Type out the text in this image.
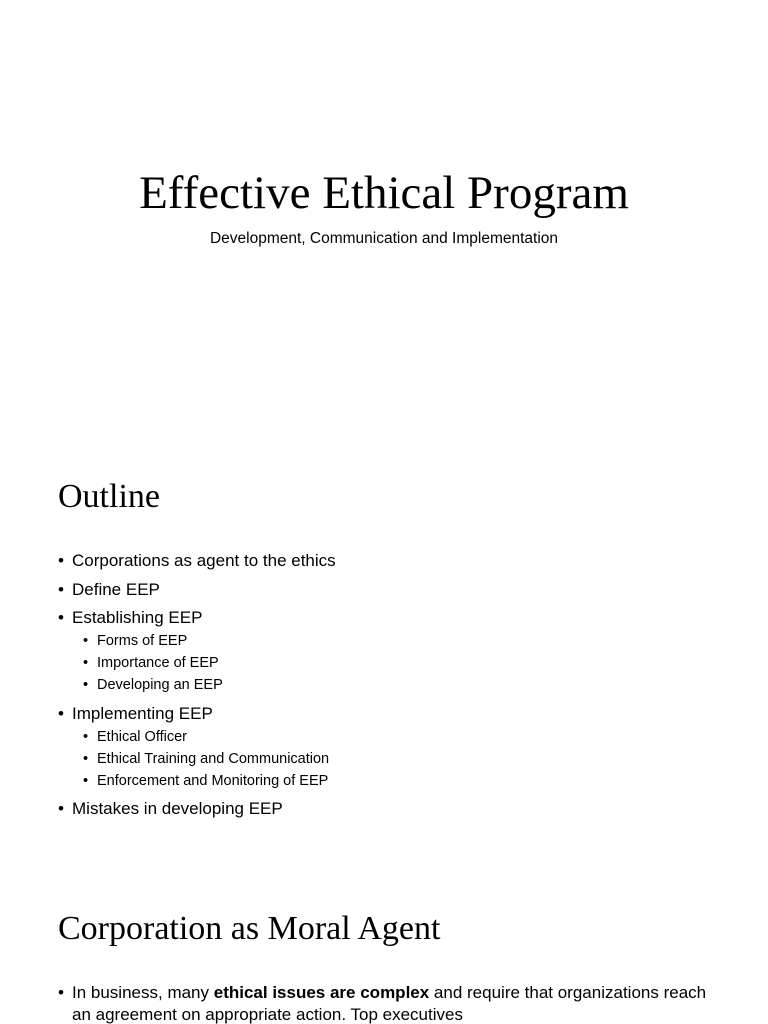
Effective Ethical Program

Development, Communication and Implementation

Outline
• Corporations as agent to the ethics
• Define EEP
• Establishing EEP
• Forms of EEP
• Importance of EEP
• Developing an EEP
• Implementing EEP
• Ethical Officer
• Ethical Training and Communication
• Enforcement and Monitoring of EEP
• Mistakes in developing EEP
Corporation as Moral Agent
• In business, many ethical issues are complex and require that organizations reach an agreement on appropriate action. Top executives
